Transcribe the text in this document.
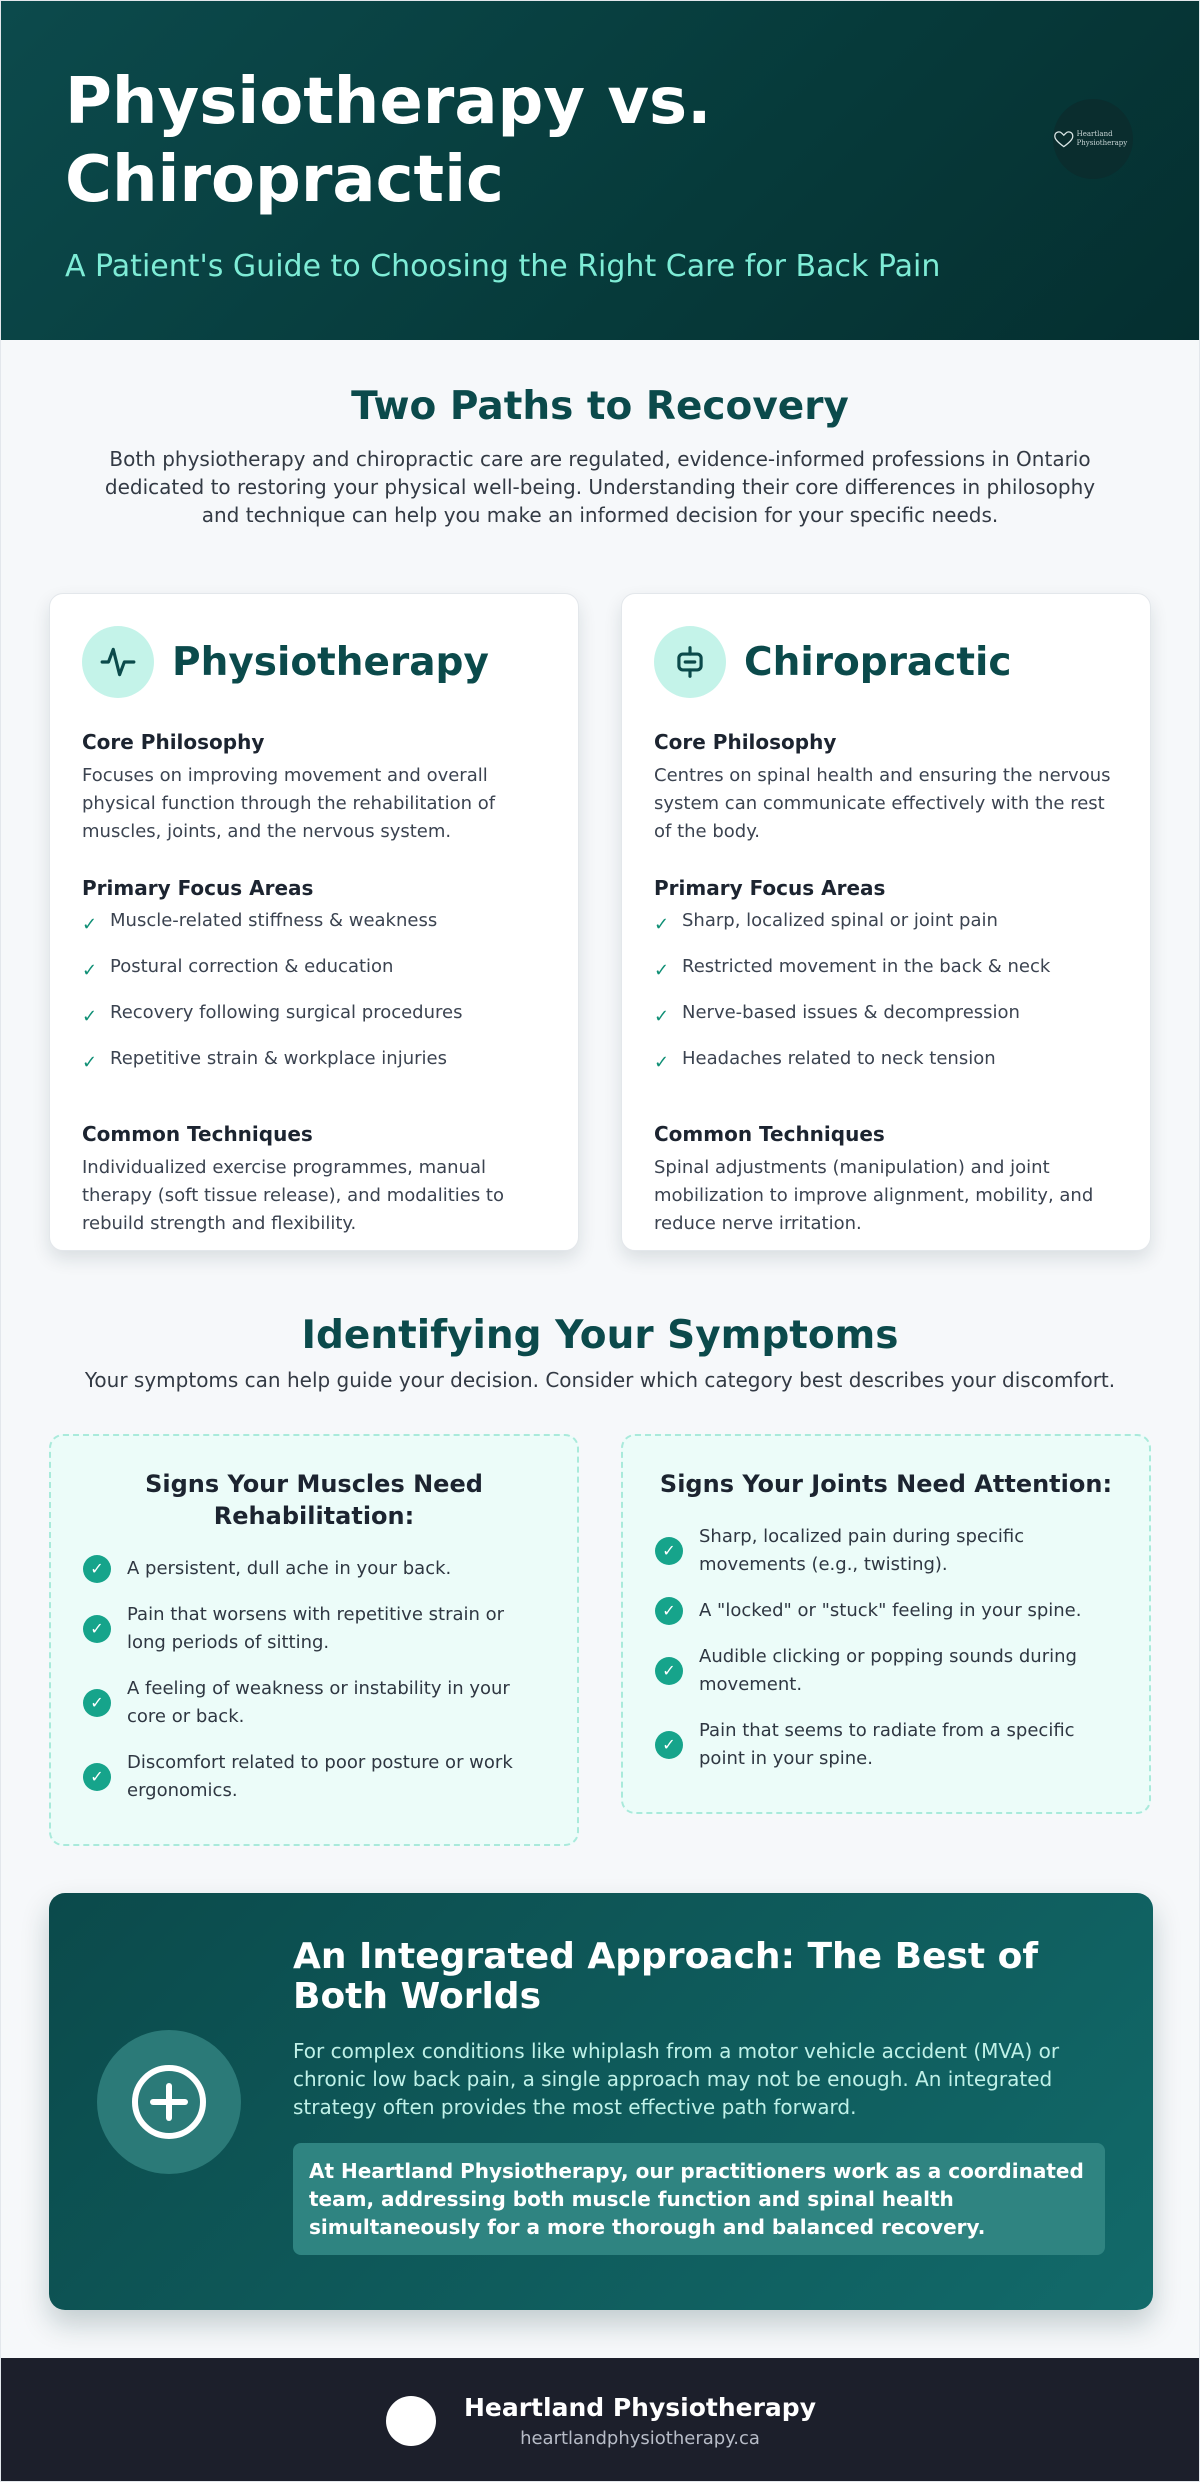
Physiotherapy vs. Chiropractic
A Patient's Guide to Choosing the Right Care for Back Pain
Heartland Physiotherapy
Two Paths to Recovery

Both physiotherapy and chiropractic care are regulated, evidence-informed professions in Ontario dedicated to restoring your physical well-being. Understanding their core differences in philosophy and technique can help you make an informed decision for your specific needs.

Physiotherapy
Core Philosophy

Focuses on improving movement and overall physical function through the rehabilitation of muscles, joints, and the nervous system.

Primary Focus Areas
✓ Muscle-related stiffness & weakness
✓ Postural correction & education
✓ Recovery following surgical procedures
✓ Repetitive strain & workplace injuries
Common Techniques

Individualized exercise programmes, manual therapy (soft tissue release), and modalities to rebuild strength and flexibility.

Chiropractic
Core Philosophy

Centres on spinal health and ensuring the nervous system can communicate effectively with the rest of the body.

Primary Focus Areas
✓ Sharp, localized spinal or joint pain
✓ Restricted movement in the back & neck
✓ Nerve-based issues & decompression
✓ Headaches related to neck tension
Common Techniques

Spinal adjustments (manipulation) and joint mobilization to improve alignment, mobility, and reduce nerve irritation.

Identifying Your Symptoms

Your symptoms can help guide your decision. Consider which category best describes your discomfort.

Signs Your Muscles Need Rehabilitation:
✓	A persistent, dull ache in your back.
✓
Pain that worsens with repetitive strain or long periods of sitting.
✓
A feeling of weakness or instability in your core or back.
✓
Discomfort related to poor posture or work ergonomics.
Signs Your Joints Need Attention:
✓
Sharp, localized pain during specific movements (e.g., twisting).
✓	A "locked" or "stuck" feeling in your spine.
✓
Audible clicking or popping sounds during movement.
✓
Pain that seems to radiate from a specific point in your spine.
An Integrated Approach: The Best of Both Worlds

For complex conditions like whiplash from a motor vehicle accident (MVA) or chronic low back pain, a single approach may not be enough. An integrated strategy often provides the most effective path forward.

At Heartland Physiotherapy, our practitioners work as a coordinated team, addressing both muscle function and spinal health simultaneously for a more thorough and balanced recovery.
Heartland Physiotherapy
heartlandphysiotherapy.ca
